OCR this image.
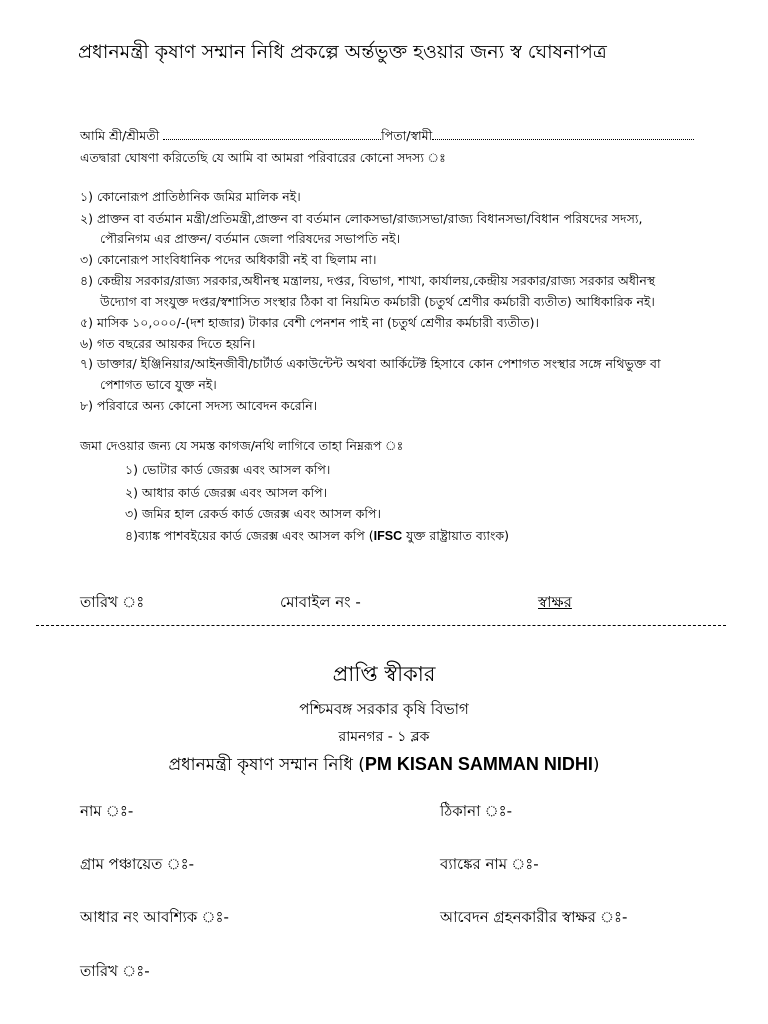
প্রধানমন্ত্রী কৃষাণ সম্মান নিধি প্রকল্পে অর্ন্তভুক্ত হওয়ার জন্য স্ব ঘোষনাপত্র
আমি শ্রী/শ্রীমতী	পিতা/স্বামী
এতদ্বারা ঘোষণা করিতেছি যে আমি বা আমরা পরিবারের কোনো সদস্য ঃ
১) কোনোরূপ প্রাতিষ্ঠানিক জমির মালিক নই।
২) প্রাক্তন বা বর্তমান মন্ত্রী/প্রতিমন্ত্রী,প্রাক্তন বা বর্তমান লোকসভা/রাজ্যসভা/রাজ্য বিধানসভা/বিধান পরিষদের সদস্য,
পৌরনিগম এর প্রাক্তন/ বর্তমান জেলা পরিষদের সভাপতি নই।
৩) কোনোরূপ সাংবিধানিক পদের অধিকারী নই বা ছিলাম না।
৪) কেন্দ্রীয় সরকার/রাজ্য সরকার,অধীনস্থ মন্ত্রালয়, দপ্তর, বিভাগ, শাখা, কার্যালয়,কেন্দ্রীয় সরকার/রাজ্য সরকার অধীনস্থ
উদ্যোগ বা সংযুক্ত দপ্তর/স্বশাসিত সংস্থার ঠিকা বা নিয়মিত কর্মচারী (চতুর্থ শ্রেণীর কর্মচারী ব্যতীত) আধিকারিক নই।
৫) মাসিক ১০,০০০/-(দশ হাজার) টাকার বেশী পেনশন পাই না (চতুর্থ শ্রেণীর কর্মচারী ব্যতীত)।
৬) গত বছরের আয়কর দিতে হয়নি।
৭) ডাক্তার/ ইঞ্জিনিয়ার/আইনজীবী/চার্টার্ড একাউন্টেন্ট অথবা আর্কিটেক্ট হিসাবে কোন পেশাগত সংস্থার সঙ্গে নথিভুক্ত বা
পেশাগত ভাবে যুক্ত নই।
৮) পরিবারে অন্য কোনো সদস্য আবেদন করেনি।
জমা দেওয়ার জন্য যে সমস্ত কাগজ/নথি লাগিবে তাহা নিম্নরূপ ঃ
১) ভোটার কার্ড জেরক্স এবং আসল কপি।
২) আধার কার্ড জেরক্স এবং আসল কপি।
৩) জমির হাল রেকর্ড কার্ড জেরক্স এবং আসল কপি।
৪)ব্যাঙ্ক পাশবইয়ের কার্ড জেরক্স এবং আসল কপি (IFSC যুক্ত রাষ্ট্রায়াত ব্যাংক)
তারিখ ঃ	মোবাইল নং -	স্বাক্ষর
প্রাপ্তি স্বীকার
পশ্চিমবঙ্গ সরকার কৃষি বিভাগ
রামনগর - ১ ব্লক
প্রধানমন্ত্রী কৃষাণ সম্মান নিধি (PM KISAN SAMMAN NIDHI)
নাম ঃ-	ঠিকানা ঃ-
গ্রাম পঞ্চায়েত ঃ-	ব্যাঙ্কের নাম ঃ-
আধার নং আবশ্যিক ঃ-	আবেদন গ্রহনকারীর স্বাক্ষর ঃ-
তারিখ ঃ-
